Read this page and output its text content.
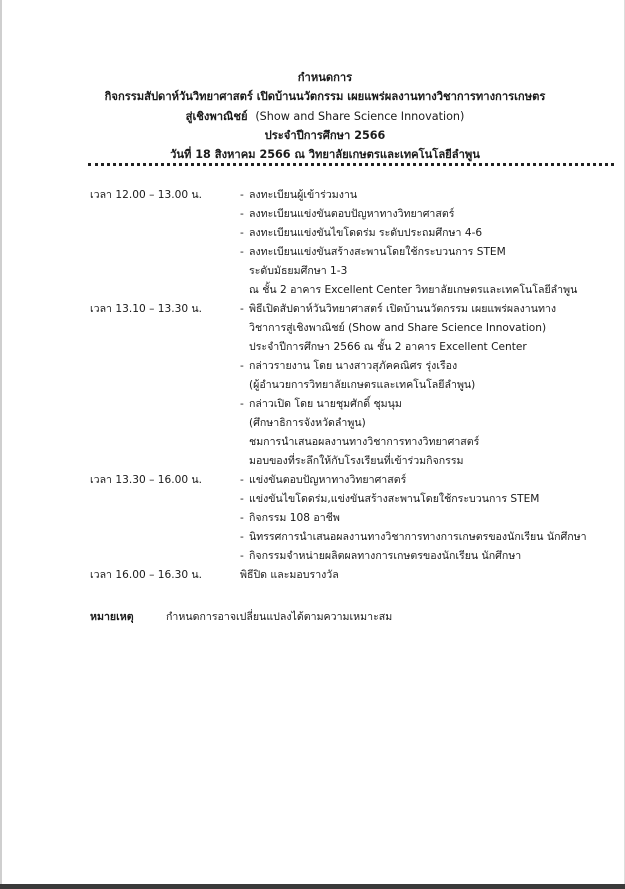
กำหนดการ
กิจกรรมสัปดาห์วันวิทยาศาสตร์ เปิดบ้านนวัตกรรม เผยแพร่ผลงานทางวิชาการทางการเกษตร
สู่เชิงพาณิชย์ (Show and Share Science Innovation)
ประจำปีการศึกษา 2566
วันที่ 18 สิงหาคม 2566 ณ วิทยาลัยเกษตรและเทคโนโลยีลำพูน
เวลา 12.00 – 13.00 น.	- ลงทะเบียนผู้เข้าร่วมงาน
- ลงทะเบียนแข่งขันตอบปัญหาทางวิทยาศาสตร์
- ลงทะเบียนแข่งขันไขโดดร่ม ระดับประถมศึกษา 4-6
- ลงทะเบียนแข่งขันสร้างสะพานโดยใช้กระบวนการ STEM
ระดับมัธยมศึกษา 1-3
ณ ชั้น 2 อาคาร Excellent Center วิทยาลัยเกษตรและเทคโนโลยีลำพูน
เวลา 13.10 – 13.30 น.	- พิธีเปิดสัปดาห์วันวิทยาศาสตร์ เปิดบ้านนวัตกรรม เผยแพร่ผลงานทาง
วิชาการสู่เชิงพาณิชย์ (Show and Share Science Innovation)
ประจำปีการศึกษา 2566 ณ ชั้น 2 อาคาร Excellent Center
- กล่าวรายงาน โดย นางสาวสุภัคคณิศร รุ่งเรือง
(ผู้อำนวยการวิทยาลัยเกษตรและเทคโนโลยีลำพูน)
- กล่าวเปิด โดย นายชุมศักดิ์ ชุมนุม
(ศึกษาธิการจังหวัดลำพูน)
ชมการนำเสนอผลงานทางวิชาการทางวิทยาศาสตร์
มอบของที่ระลึกให้กับโรงเรียนที่เข้าร่วมกิจกรรม
เวลา 13.30 – 16.00 น.	- แข่งขันตอบปัญหาทางวิทยาศาสตร์
- แข่งขันไขโดดร่ม,แข่งขันสร้างสะพานโดยใช้กระบวนการ STEM
- กิจกรรม 108 อาชีพ
- นิทรรศการนำเสนอผลงานทางวิชาการทางการเกษตรของนักเรียน นักศึกษา
- กิจกรรมจำหน่ายผลิตผลทางการเกษตรของนักเรียน นักศึกษา
เวลา 16.00 – 16.30 น.	พิธีปิด และมอบรางวัล
หมายเหตุ	กำหนดการอาจเปลี่ยนแปลงได้ตามความเหมาะสม
